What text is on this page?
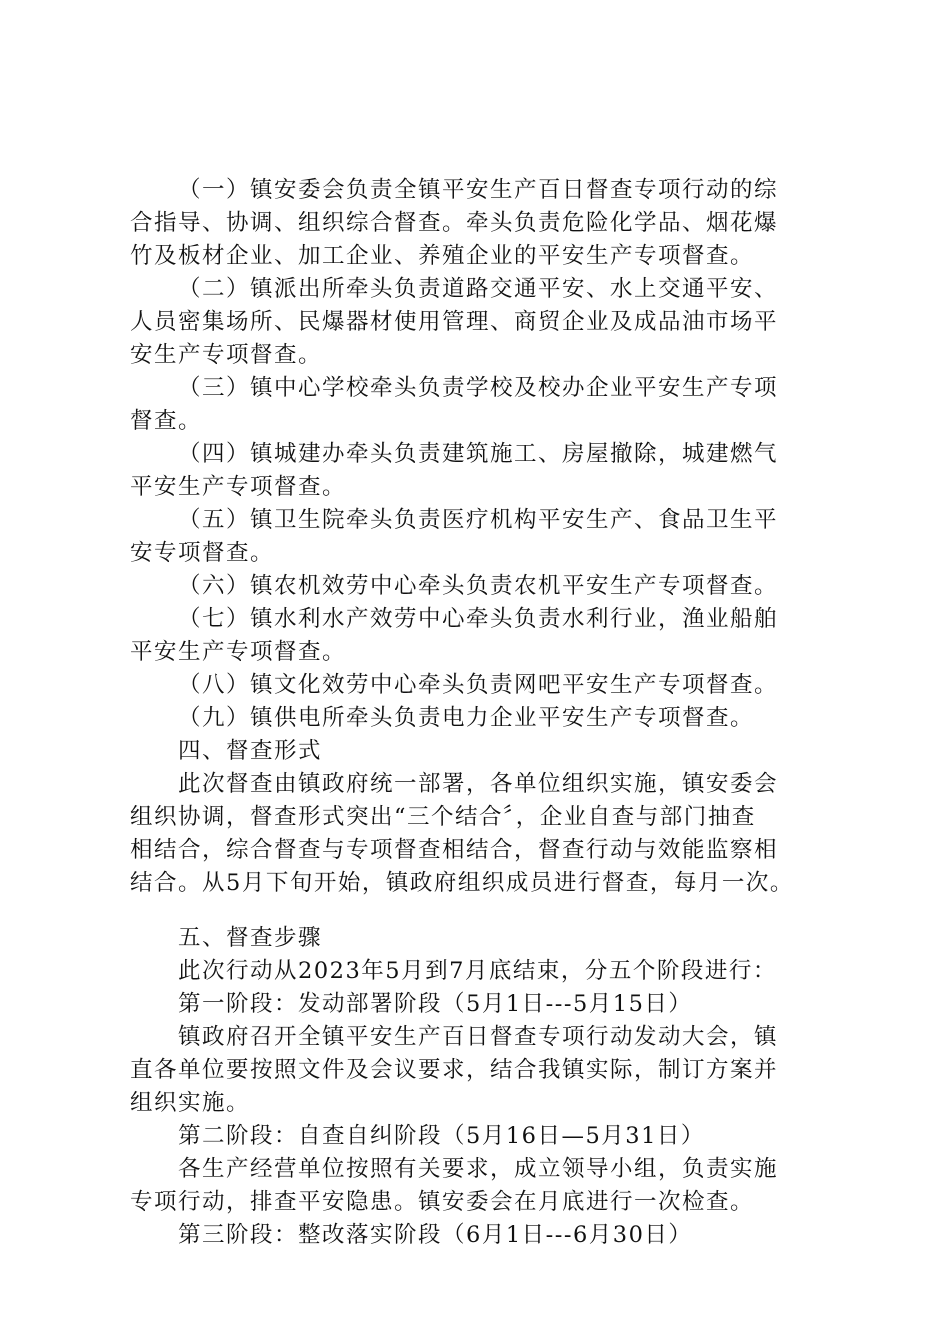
（一）镇安委会负责全镇平安生产百日督查专项行动的综
合指导、协调、组织综合督查。牵头负责危险化学品、烟花爆
竹及板材企业、加工企业、养殖企业的平安生产专项督查。
（二）镇派出所牵头负责道路交通平安、水上交通平安、
人员密集场所、民爆器材使用管理、商贸企业及成品油市场平
安生产专项督查。
（三）镇中心学校牵头负责学校及校办企业平安生产专项
督查。
（四）镇城建办牵头负责建筑施工、房屋撤除，城建燃气
平安生产专项督查。
（五）镇卫生院牵头负责医疗机构平安生产、食品卫生平
安专项督查。
（六）镇农机效劳中心牵头负责农机平安生产专项督查。
（七）镇水利水产效劳中心牵头负责水利行业，渔业船舶
平安生产专项督查。
（八）镇文化效劳中心牵头负责网吧平安生产专项督查。
（九）镇供电所牵头负责电力企业平安生产专项督查。
四、督查形式
此次督查由镇政府统一部署，各单位组织实施，镇安委会
组织协调，督查形式突出“三个结合〞，企业自查与部门抽查
相结合，综合督查与专项督查相结合，督查行动与效能监察相
结合。从5月下旬开始，镇政府组织成员进行督查，每月一次。
五、督查步骤
此次行动从2023年5月到7月底结束，分五个阶段进行：
第一阶段：发动部署阶段（5月1日---5月15日）
镇政府召开全镇平安生产百日督查专项行动发动大会，镇
直各单位要按照文件及会议要求，结合我镇实际，制订方案并
组织实施。
第二阶段：自查自纠阶段（5月16日—5月31日）
各生产经营单位按照有关要求，成立领导小组，负责实施
专项行动，排查平安隐患。镇安委会在月底进行一次检查。
第三阶段：整改落实阶段（6月1日---6月30日）
